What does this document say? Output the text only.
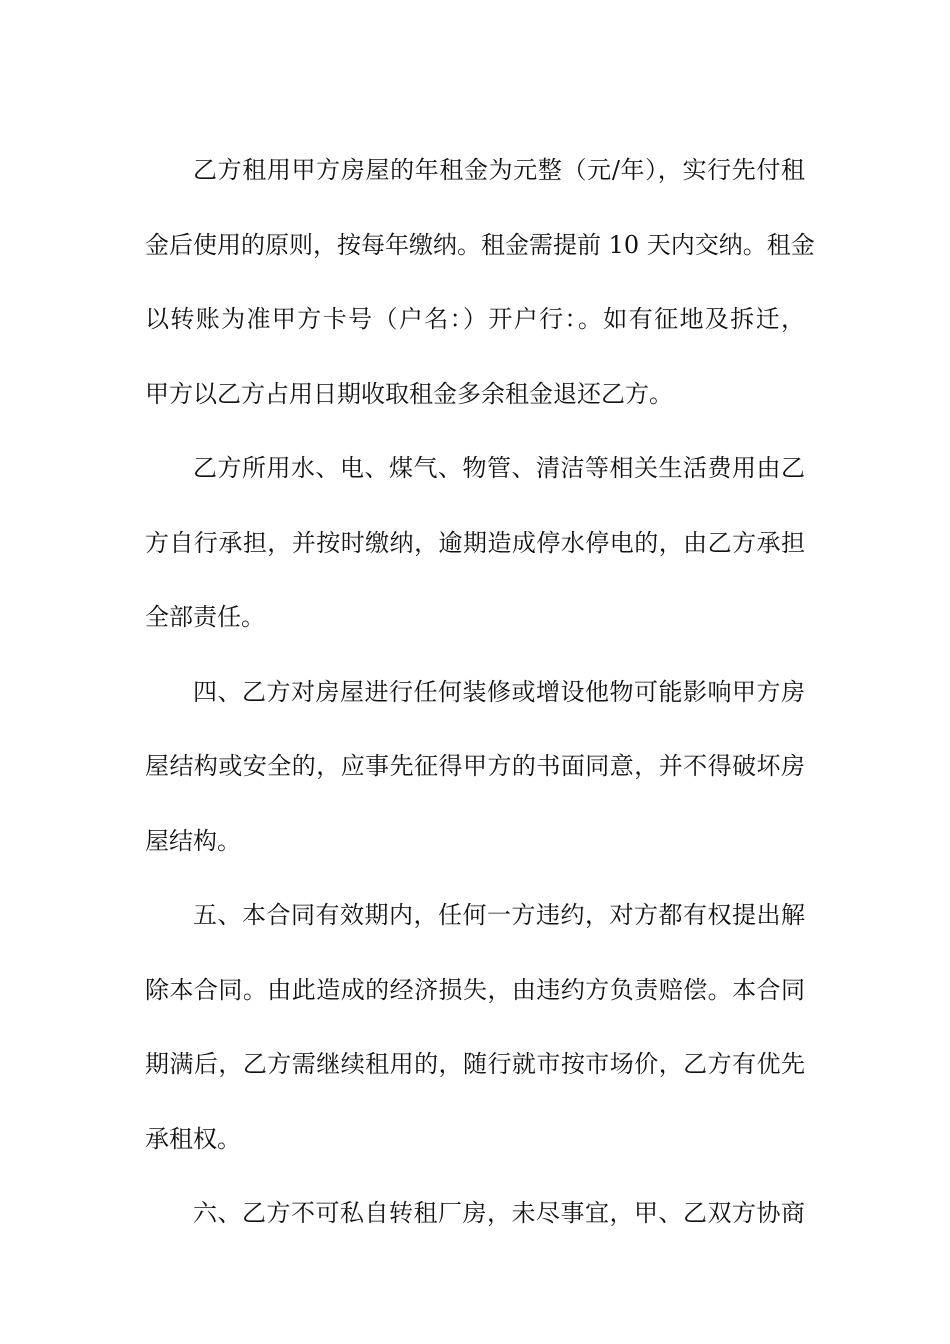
乙方租用甲方房屋的年租金为元整（元/年），实行先付租
金后使用的原则，按每年缴纳。租金需提前 10 天内交纳。租金
以转账为准甲方卡号（户名：）开户行：。如有征地及拆迁，
甲方以乙方占用日期收取租金多余租金退还乙方。
乙方所用水、电、煤气、物管、清洁等相关生活费用由乙
方自行承担，并按时缴纳，逾期造成停水停电的，由乙方承担
全部责任。
四、乙方对房屋进行任何装修或增设他物可能影响甲方房
屋结构或安全的，应事先征得甲方的书面同意，并不得破坏房
屋结构。
五、本合同有效期内，任何一方违约，对方都有权提出解
除本合同。由此造成的经济损失，由违约方负责赔偿。本合同
期满后，乙方需继续租用的，随行就市按市场价，乙方有优先
承租权。
六、乙方不可私自转租厂房，未尽事宜，甲、乙双方协商
